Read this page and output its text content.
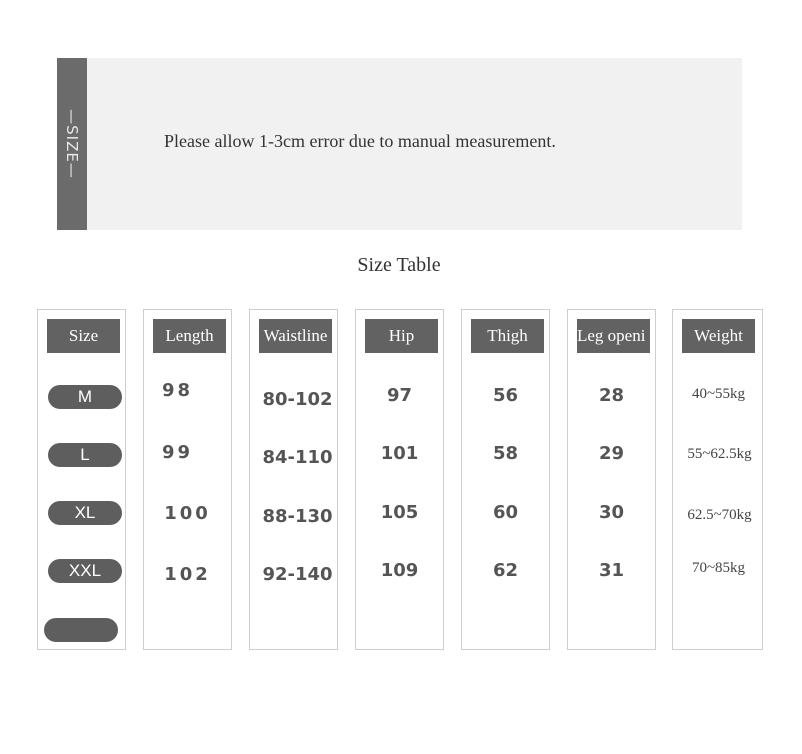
—SIZE—	Please allow 1-3cm error due to manual measurement.
Size Table
Size
M
L
XL
XXL
Length
98
99
100
102
Waistline
80-102
84-110
88-130
92-140
Hip
97
101
105
109
Thigh
56
58
60
62
Leg openi
28
29
30
31
Weight
40~55kg
55~62.5kg
62.5~70kg
70~85kg
